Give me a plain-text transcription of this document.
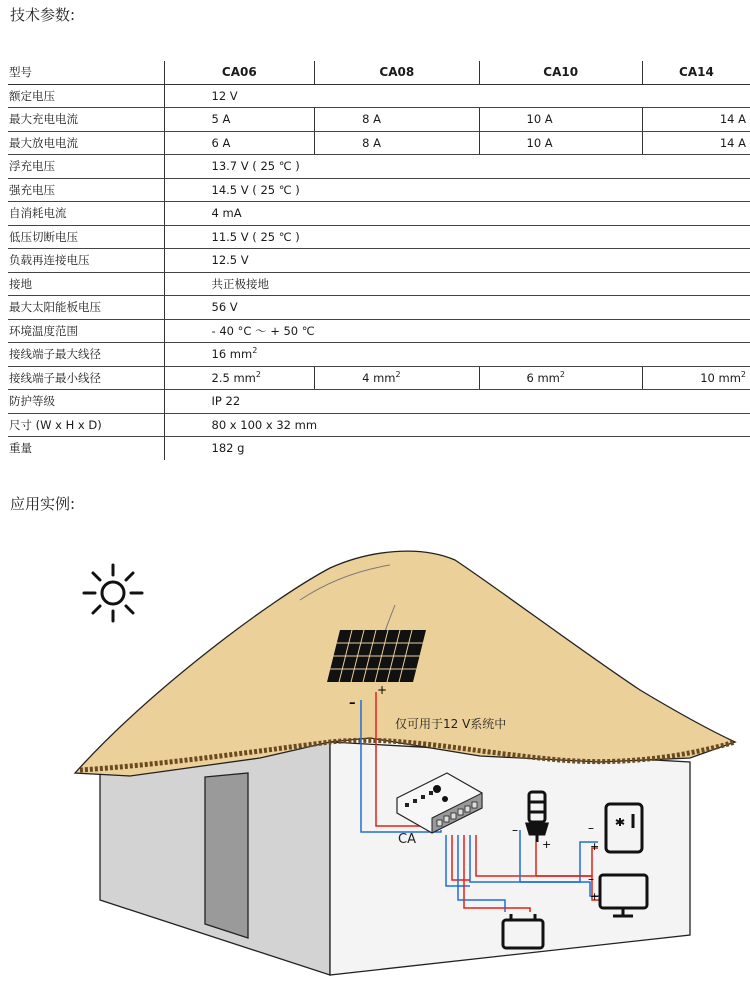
技术参数:
型号	CA06	CA08	CA10	CA14
额定电压	12 V			
最大充电电流	5 A	8 A	10 A	14 A
最大放电电流	6 A	8 A	10 A	14 A
浮充电压	13.7 V ( 25 ℃ )			
强充电压	14.5 V ( 25 ℃ )			
自消耗电流	4 mA			
低压切断电压	11.5 V ( 25 ℃ )			
负载再连接电压	12.5 V			
接地	共正极接地			
最大太阳能板电压	56 V			
环境温度范围	- 40 °C ～ + 50 ℃			
接线端子最大线径	16 $mm^2$
接线端子最小线径	2.5 $mm^2$	4 $mm^2$	6 $mm^2$	10 $mm^2$
防护等级	IP 22			
尺寸 (W x H x D)	80 x 100 x 32 mm			
重量	182 g			
应用实例:
–
+
CA
仅可用于12 V系统中
–
+
–
+
–
+
